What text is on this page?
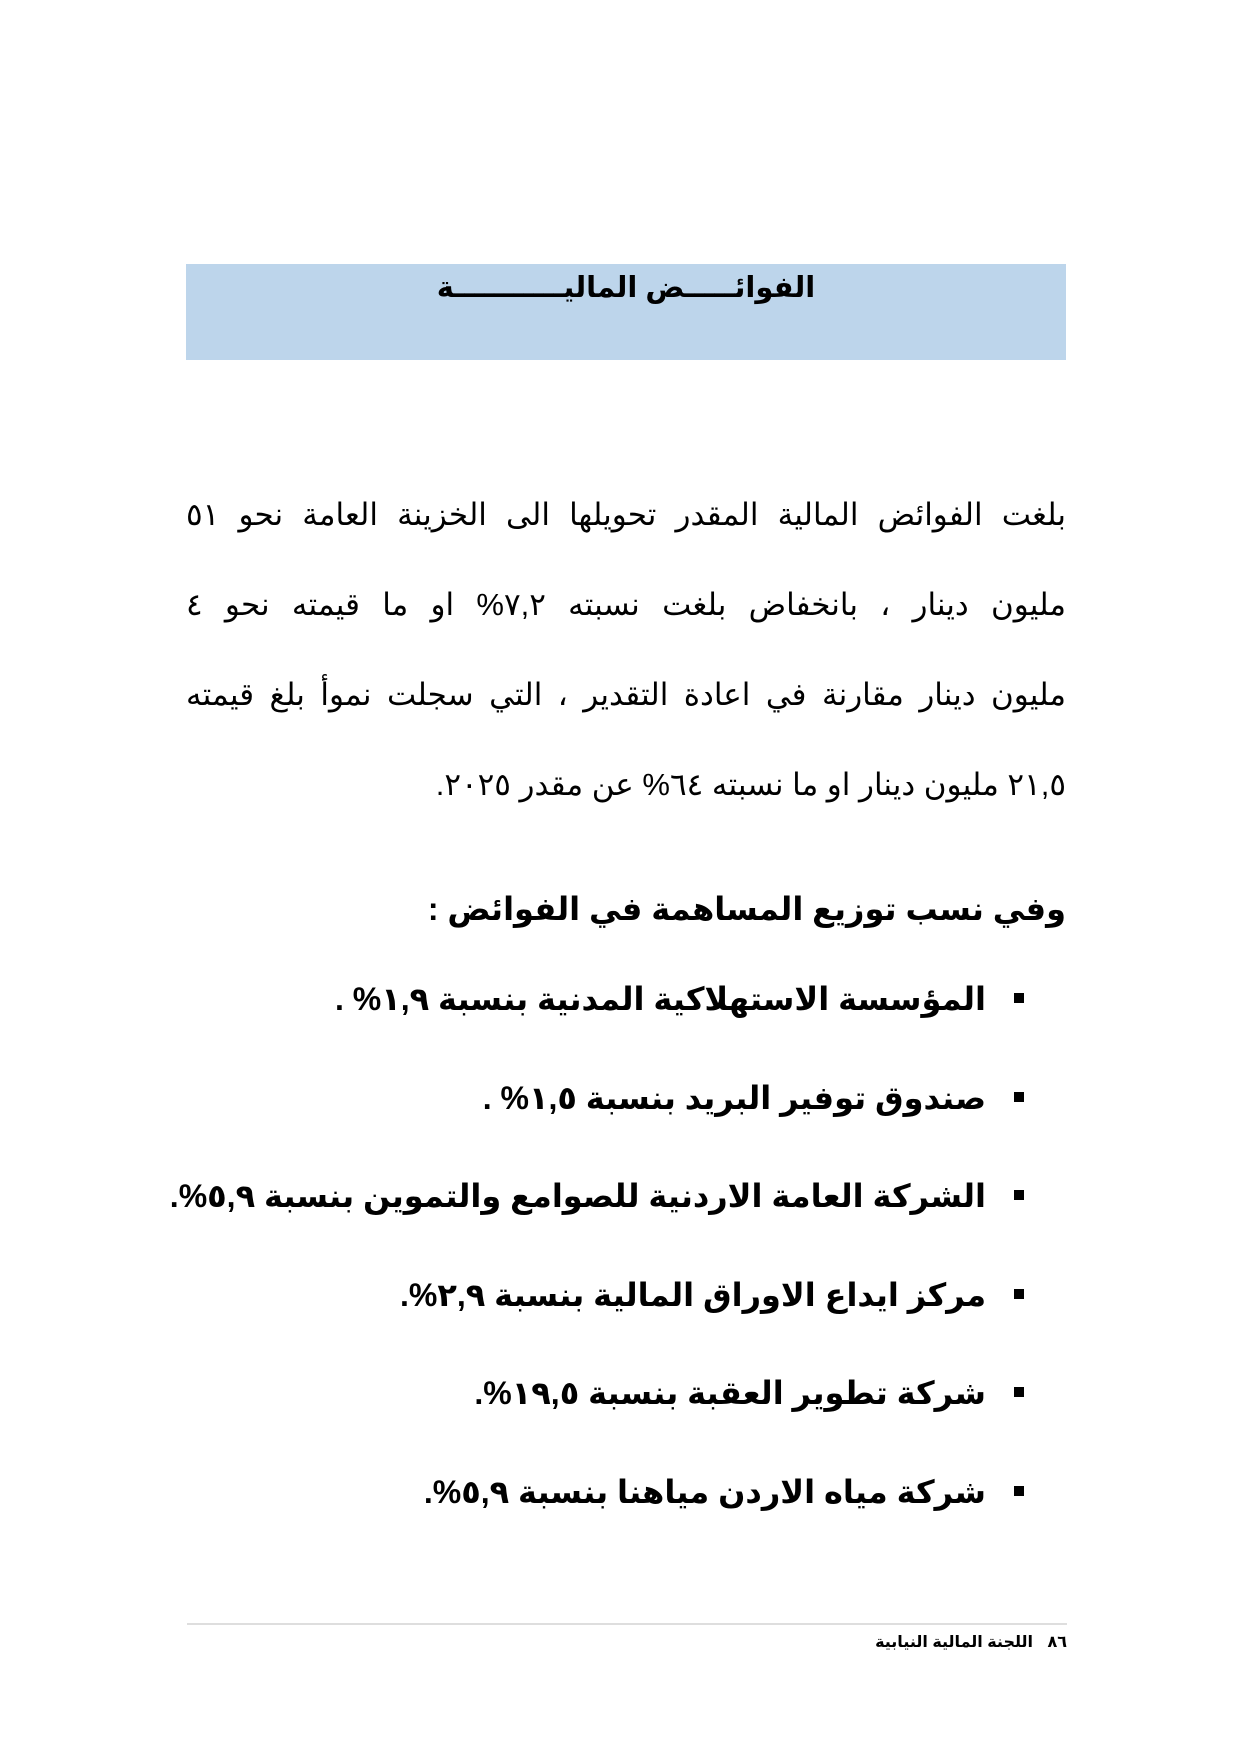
الفوائـــــض الماليـــــــــــة
بلغت الفوائض المالية المقدر تحويلها الى الخزينة العامة نحو ٥١
مليون دينار ، بانخفاض بلغت نسبته ٧,٢% او ما قيمته نحو ٤
مليون دينار مقارنة في اعادة التقدير ، التي سجلت نموأ بلغ قيمته
٢١,٥ مليون دينار او ما نسبته ٦٤% عن مقدر ٢٠٢٥.
وفي نسب توزيع المساهمة في الفوائض :
المؤسسة الاستهلاكية المدنية بنسبة ١,٩% .
صندوق توفير البريد بنسبة ١,٥% .
الشركة العامة الاردنية للصوامع والتموين بنسبة ٥,٩%.
مركز ايداع الاوراق المالية بنسبة ٢,٩%.
شركة تطوير العقبة بنسبة ١٩,٥%.
شركة مياه الاردن مياهنا بنسبة ٥,٩%.
٨٦ اللجنة المالية النيابية
